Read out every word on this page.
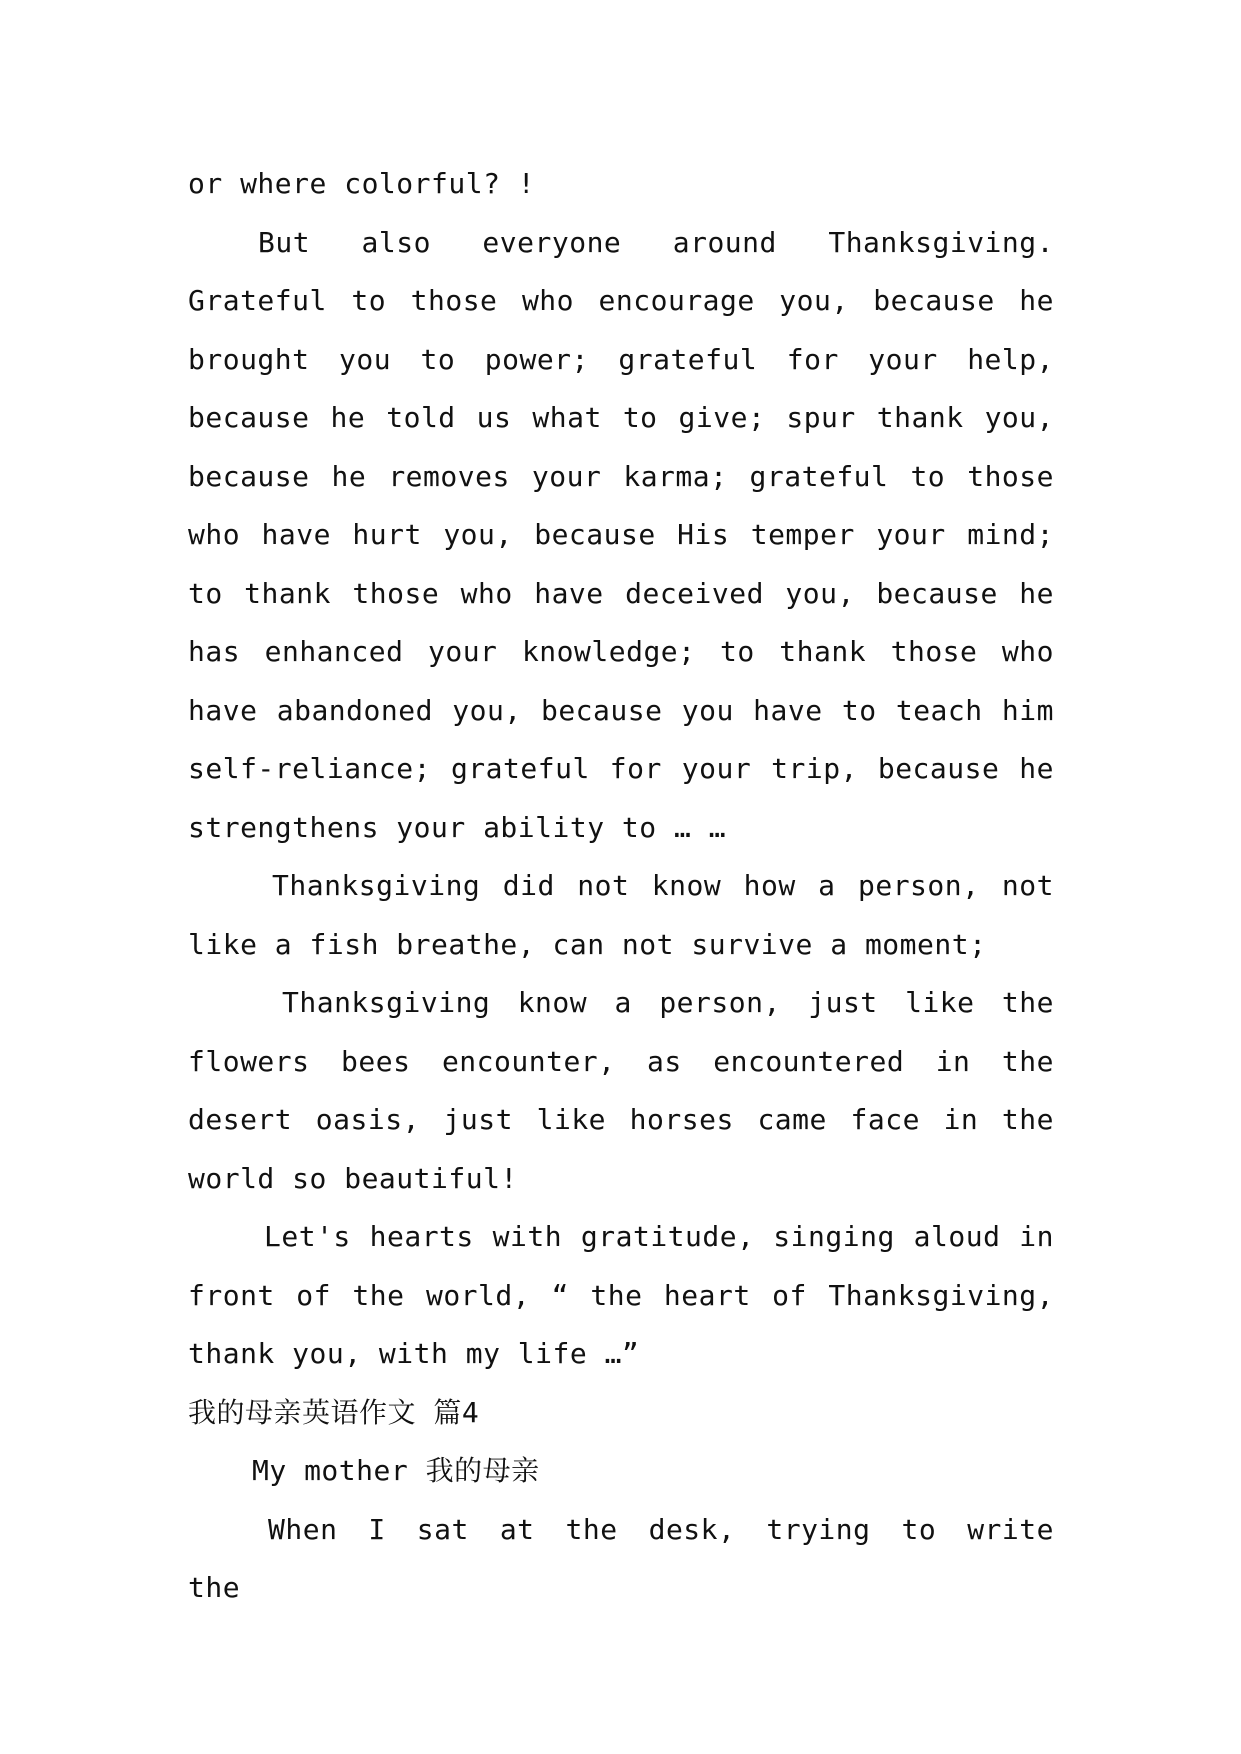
or where colorful? !

But also everyone around Thanksgiving. Grateful to those who encourage you, because he brought you to power; grateful for your help, because he told us what to give; spur thank you, because he removes your karma; grateful to those who have hurt you, because His temper your mind; to thank those who have deceived you, because he has enhanced your knowledge; to thank those who have abandoned you, because you have to teach him self-reliance; grateful for your trip, because he strengthens your ability to … …

Thanksgiving did not know how a person, not like a fish breathe, can not survive a moment;

Thanksgiving know a person, just like the flowers bees encounter, as encountered in the desert oasis, just like horses came face in the world so beautiful!

Let's hearts with gratitude, singing aloud in front of the world, “ the heart of Thanksgiving, thank you, with my life …”

我的母亲英语作文 篇4

My mother 我的母亲

When I sat at the desk, trying to write the
